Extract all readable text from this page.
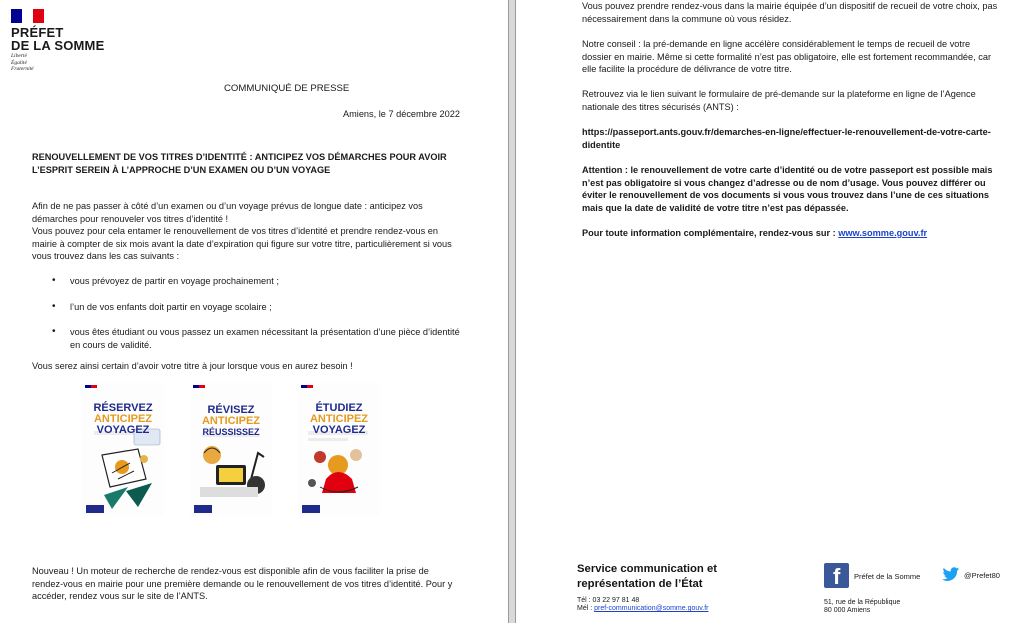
PRÉFET
DE LA SOMME
Liberté
Égalité
Fraternité
COMMUNIQUÉ DE PRESSE
Amiens, le 7 décembre 2022
RENOUVELLEMENT DE VOS TITRES D’IDENTITÉ : ANTICIPEZ VOS DÉMARCHES POUR AVOIR L’ESPRIT SEREIN À L’APPROCHE D’UN EXAMEN OU D’UN VOYAGE
Afin de ne pas passer à côté d’un examen ou d’un voyage prévus de longue date : anticipez vos démarches pour renouveler vos titres d’identité !
Vous pouvez pour cela entamer le renouvellement de vos titres d’identité et prendre rendez-vous en mairie à compter de six mois avant la date d’expiration qui figure sur votre titre, particulièrement si vous vous trouvez dans les cas suivants :
• vous prévoyez de partir en voyage prochainement ;
• l’un de vos enfants doit partir en voyage scolaire ;
• vous êtes étudiant ou vous passez un examen nécessitant la présentation d’une pièce d’identité en cours de validité.
Vous serez ainsi certain d’avoir votre titre à jour lorsque vous en aurez besoin !
RÉSERVEZ
ANTICIPEZ
VOYAGEZ
RÉVISEZ
ANTICIPEZ
RÉUSSISSEZ
ÉTUDIEZ
ANTICIPEZ
VOYAGEZ
Nouveau ! Un moteur de recherche de rendez-vous est disponible afin de vous faciliter la prise de rendez-vous en mairie pour une première demande ou le renouvellement de vos titres d’identité. Pour y accéder, rendez vous sur le site de l’ANTS.
Vous pouvez prendre rendez-vous dans la mairie équipée d’un dispositif de recueil de votre choix, pas nécessairement dans la commune où vous résidez.
Notre conseil : la pré-demande en ligne accélère considérablement le temps de recueil de votre dossier en mairie. Même si cette formalité n’est pas obligatoire, elle est fortement recommandée, car elle facilite la procédure de délivrance de votre titre.
Retrouvez via le lien suivant le formulaire de pré-demande sur la plateforme en ligne de l’Agence nationale des titres sécurisés (ANTS) :
https://passeport.ants.gouv.fr/demarches-en-ligne/effectuer-le-renouvellement-de-votre-carte-didentite
Attention : le renouvellement de votre carte d’identité ou de votre passeport est possible mais n’est pas obligatoire si vous changez d’adresse ou de nom d’usage. Vous pouvez différer ou éviter le renouvellement de vos documents si vous vous trouvez dans l’une de ces situations mais que la date de validité de votre titre n’est pas dépassée.
Pour toute information complémentaire, rendez-vous sur : www.somme.gouv.fr
Service communication et
représentation de l’État
Tél : 03 22 97 81 48
Mél : pref-communication@somme.gouv.fr
f Préfet de la Somme	@Prefet80
51, rue de la République
80 000 Amiens
